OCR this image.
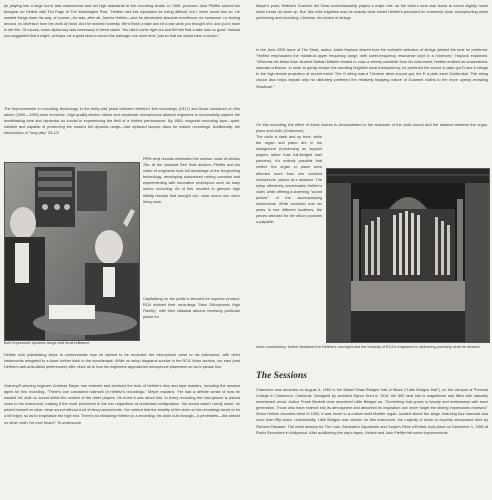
(in playing into a large horn) was unanswered and set high standards in the recording studio. In 1989, producer Jack Pfeiffer shared his thoughts on Heifetz with Tim Page of The Washington Post. "Heifetz had this reputation for being difficult, but I never found him so. He wanted things done his way, of course—he was, after all, Jascha Heifetz—and he demanded absolute excellence; no nonsense, no fooling around, no diversion from the work at hand. And he worked honestly. We'd finish a take and he'd ask what you thought of it, and you'd have to tell him. Of course, some diplomacy was necessary in these cases. You didn't come right out and tell him that a take was no good. Instead you suggested that it might, perhaps, be a good idea to record the passage one more time, just so that we would have a choice."

The improvements in recording technology in the thirty-odd years between Heifetz's first recordings (1917) and those contained on this album (1950—1955) were immense. High-quality electric ribbon and condenser microphones allowed engineers to successfully capture the breathtaking tone and dynamics so crucial to experiencing the thrill of a Heifetz performance. By 1950, magnetic recording tape—quiet, editable and capable of preserving the music's full dynamic range—had replaced lacquer discs for master recordings. Additionally, the introduction of "long play" 33-1/3

RPM vinyl records eliminated the surface noise of shellac 78s. At the classical Red Seal division, Pfeiffer and his cadre of engineers took full advantage of the burgeoning technology, developing customized mixing consoles and experimenting with innovative techniques such as early stereo recording. All of this resulted in genuine high fidelity records that brought rich, clear sound into one's living room.

Capitalizing on the public's demand for superior product, RCA dubbed their recordings "New Orthophonic High Fidelity," with their classical albums receiving particular praise for

their impressive dynamic range and tonal brilliance.

Heifetz took painstaking steps to communicate how he wished to be recorded: the microphone close to his instrument, with other instruments relegated to a lower further back in the soundscape. While no setup diagrams survive in the RCA Victor archive, our ears (and Heifetz's well-articulated preferences) offer clues as to how his engineers approached microphone placement so as to please him.

Grammy®-winning engineer Andreas Meyer has restored and archived the bulk of Heifetz's disc and tape masters, including the session tapes for this recording. "There's one consistent hallmark of Heifetz's recordings," Meyer explains. "He had a definite sense of how he wanted his violin to sound within the context of the other players. He knew it was about him. In every recording the microphone is placed close to his instrument, making it the most prominent in the mix regardless of orchestral configuration. His sound wasn't overly warm; he prided himself on clear, clean sound without a lot of fancy adornments. I've noticed that the tonality of the violin on his recordings tends to be a bit bright, so as to emphasize the high end. There's no mistaking Heifetz on a recording; his violin cuts through—it penetrates—like almost no other violin I've ever heard." To underscore

Meyer's point, Heifetz's Guarneri del Gesù understandably played a major role, as the violin's tone was found to sound slightly harsh when heard up close up. But, this mild edginess may be exactly what fueled Heifetz's penchant for extremely close microphoning when performing and recording. Likewise, his choice of strings.

In the June 2009 issue of The Strad, author Julian Haylock shared how the violinist's selection of strings yielded the tone he preferred. "Heifetz emphasized the middle-to-upper frequency range, with lower-frequency resonance kept to a minimum," Haylock explained. "Whereas his fellow Auer student Nathan Milstein tended to coax a velvety cantabile from his instrument, Heifetz emitted an unvarnished, staccato brilliance. In order to gently temper the resulting brightish tonal transparency, he preferred the sound of plain gut D and A strings to the high-tensile projection of wound metal. The G string was a Tricolore silver-wound gut, the E a plain-steel Goldbrokat. This string choice also helps explain why he ultimately preferred the relatively forgiving nature of Guarneri violins to the more openly revealing Stradivari."

On this recording, the effect of these factors is demonstrated in the character of the violin sound and the balance between the organ, piano and violin (Chaconne).

The violin is stark and up front, while the organ and piano are in the background (functioning as support players rather than full-fledged duet partners). It's entirely possible that neither the organ or piano were afforded more than one ambient microphone, placed at a distance. The setup effectively accentuates Heifetz's violin, while offering a charming "sound picture" of the accompanying instruments. While recorded over six years in two different locations, the pieces selected for the album possess a palpable

sonic consistency; further testament to Heifetz's oversight and the tenacity of RCA's engineers in delivering precisely what he desired.

The Sessions

Chaconne was recorded on August 4, 1950 in the Mabel Shaw Bridges Hall of Music ("Little Bridges Hall"), on the campus of Pomona College in Claremont, California. Designed by architect Myron Hunt in 1916, the 550 seat hall is magnificent and filled with naturally reverberant wood. Author Frank Beckett once described Little Bridges as, "Something that grows in beauty and mellowness with each generation. Those who have entered into its atmosphere and absorbed its inspiration can never forget the stirring impressions received." When Heifetz recorded there in 1950, it was home to a custom-built Moeller organ, located above the stage, featuring four manuals and more than fifty stops. Undoubtedly, Little Bridges was chosen for this instrument, the majority of which is expertly showcased here by Richard Ellsasser. The initial session for The Lark, Sarasate's Zapateado and Ysaÿe's Rêve d'Enfant, took place on December 1, 1955 at Radio Recorders in Hollywood. After auditioning the day's tapes, Heifetz and Jack Pfeiffer felt some improvements
